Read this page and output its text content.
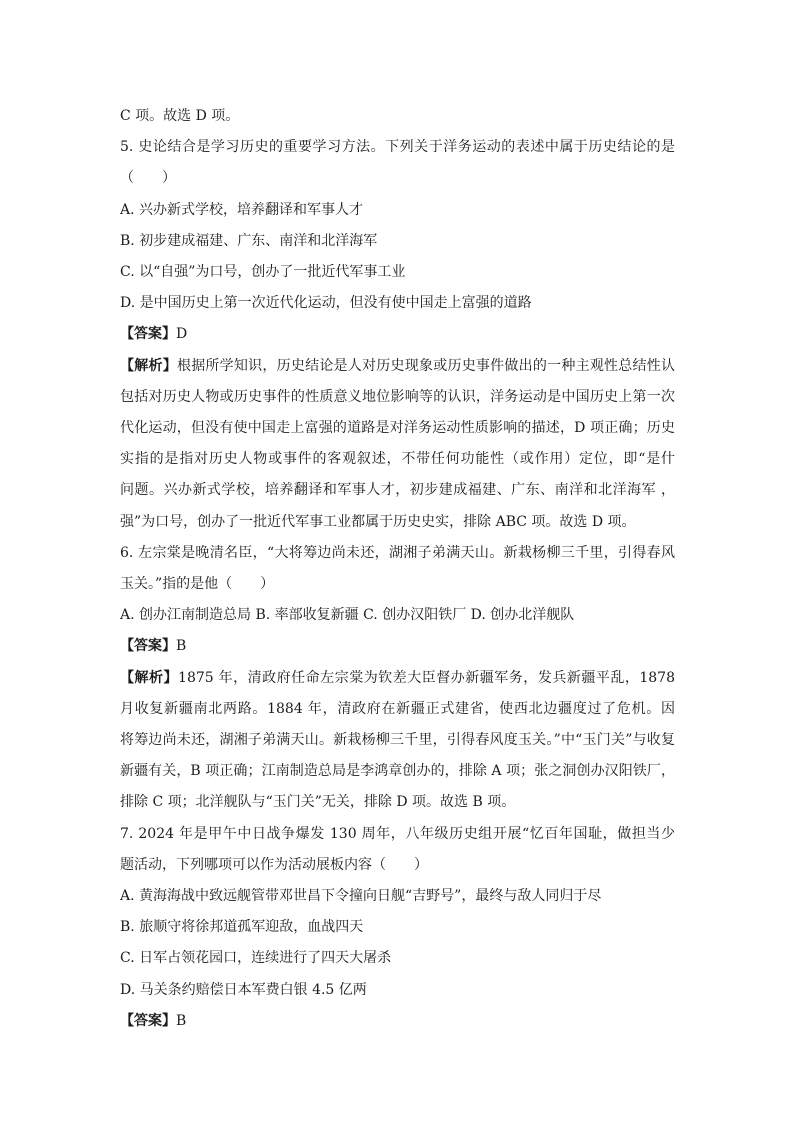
C 项。故选 D 项。
5. 史论结合是学习历史的重要学习方法。下列关于洋务运动的表述中属于历史结论的是
（　　）
A. 兴办新式学校，培养翻译和军事人才
B. 初步建成福建、广东、南洋和北洋海军
C. 以“自强”为口号，创办了一批近代军事工业
D. 是中国历史上第一次近代化运动，但没有使中国走上富强的道路
【答案】D
【解析】根据所学知识，历史结论是人对历史现象或历史事件做出的一种主观性总结性认
包括对历史人物或历史事件的性质意义地位影响等的认识，洋务运动是中国历史上第一次
代化运动，但没有使中国走上富强的道路是对洋务运动性质影响的描述，D 项正确；历史
实指的是指对历史人物或事件的客观叙述，不带任何功能性（或作用）定位，即“是什
问题。兴办新式学校，培养翻译和军事人才，初步建成福建、广东、南洋和北洋海军 ，
强”为口号，创办了一批近代军事工业都属于历史史实，排除 ABC 项。故选 D 项。
6. 左宗棠是晚清名臣，“大将筹边尚未还，湖湘子弟满天山。新栽杨柳三千里，引得春风
玉关。”指的是他（　　）
A. 创办江南制造总局 B. 率部收复新疆 C. 创办汉阳铁厂 D. 创办北洋舰队
【答案】B
【解析】1875 年，清政府任命左宗棠为钦差大臣督办新疆军务，发兵新疆平乱，1878
月收复新疆南北两路。1884 年，清政府在新疆正式建省，使西北边疆度过了危机。因
将筹边尚未还，湖湘子弟满天山。新栽杨柳三千里，引得春风度玉关。”中“玉门关”与收复
新疆有关，B 项正确；江南制造总局是李鸿章创办的，排除 A 项；张之洞创办汉阳铁厂，
排除 C 项；北洋舰队与“玉门关”无关，排除 D 项。故选 B 项。
7. 2024 年是甲午中日战争爆发 130 周年，八年级历史组开展“忆百年国耻，做担当少
题活动，下列哪项可以作为活动展板内容（　　）
A. 黄海海战中致远舰管带邓世昌下令撞向日舰“吉野号”，最终与敌人同归于尽
B. 旅顺守将徐邦道孤军迎敌，血战四天
C. 日军占领花园口，连续进行了四天大屠杀
D. 马关条约赔偿日本军费白银 4.5 亿两
【答案】B
